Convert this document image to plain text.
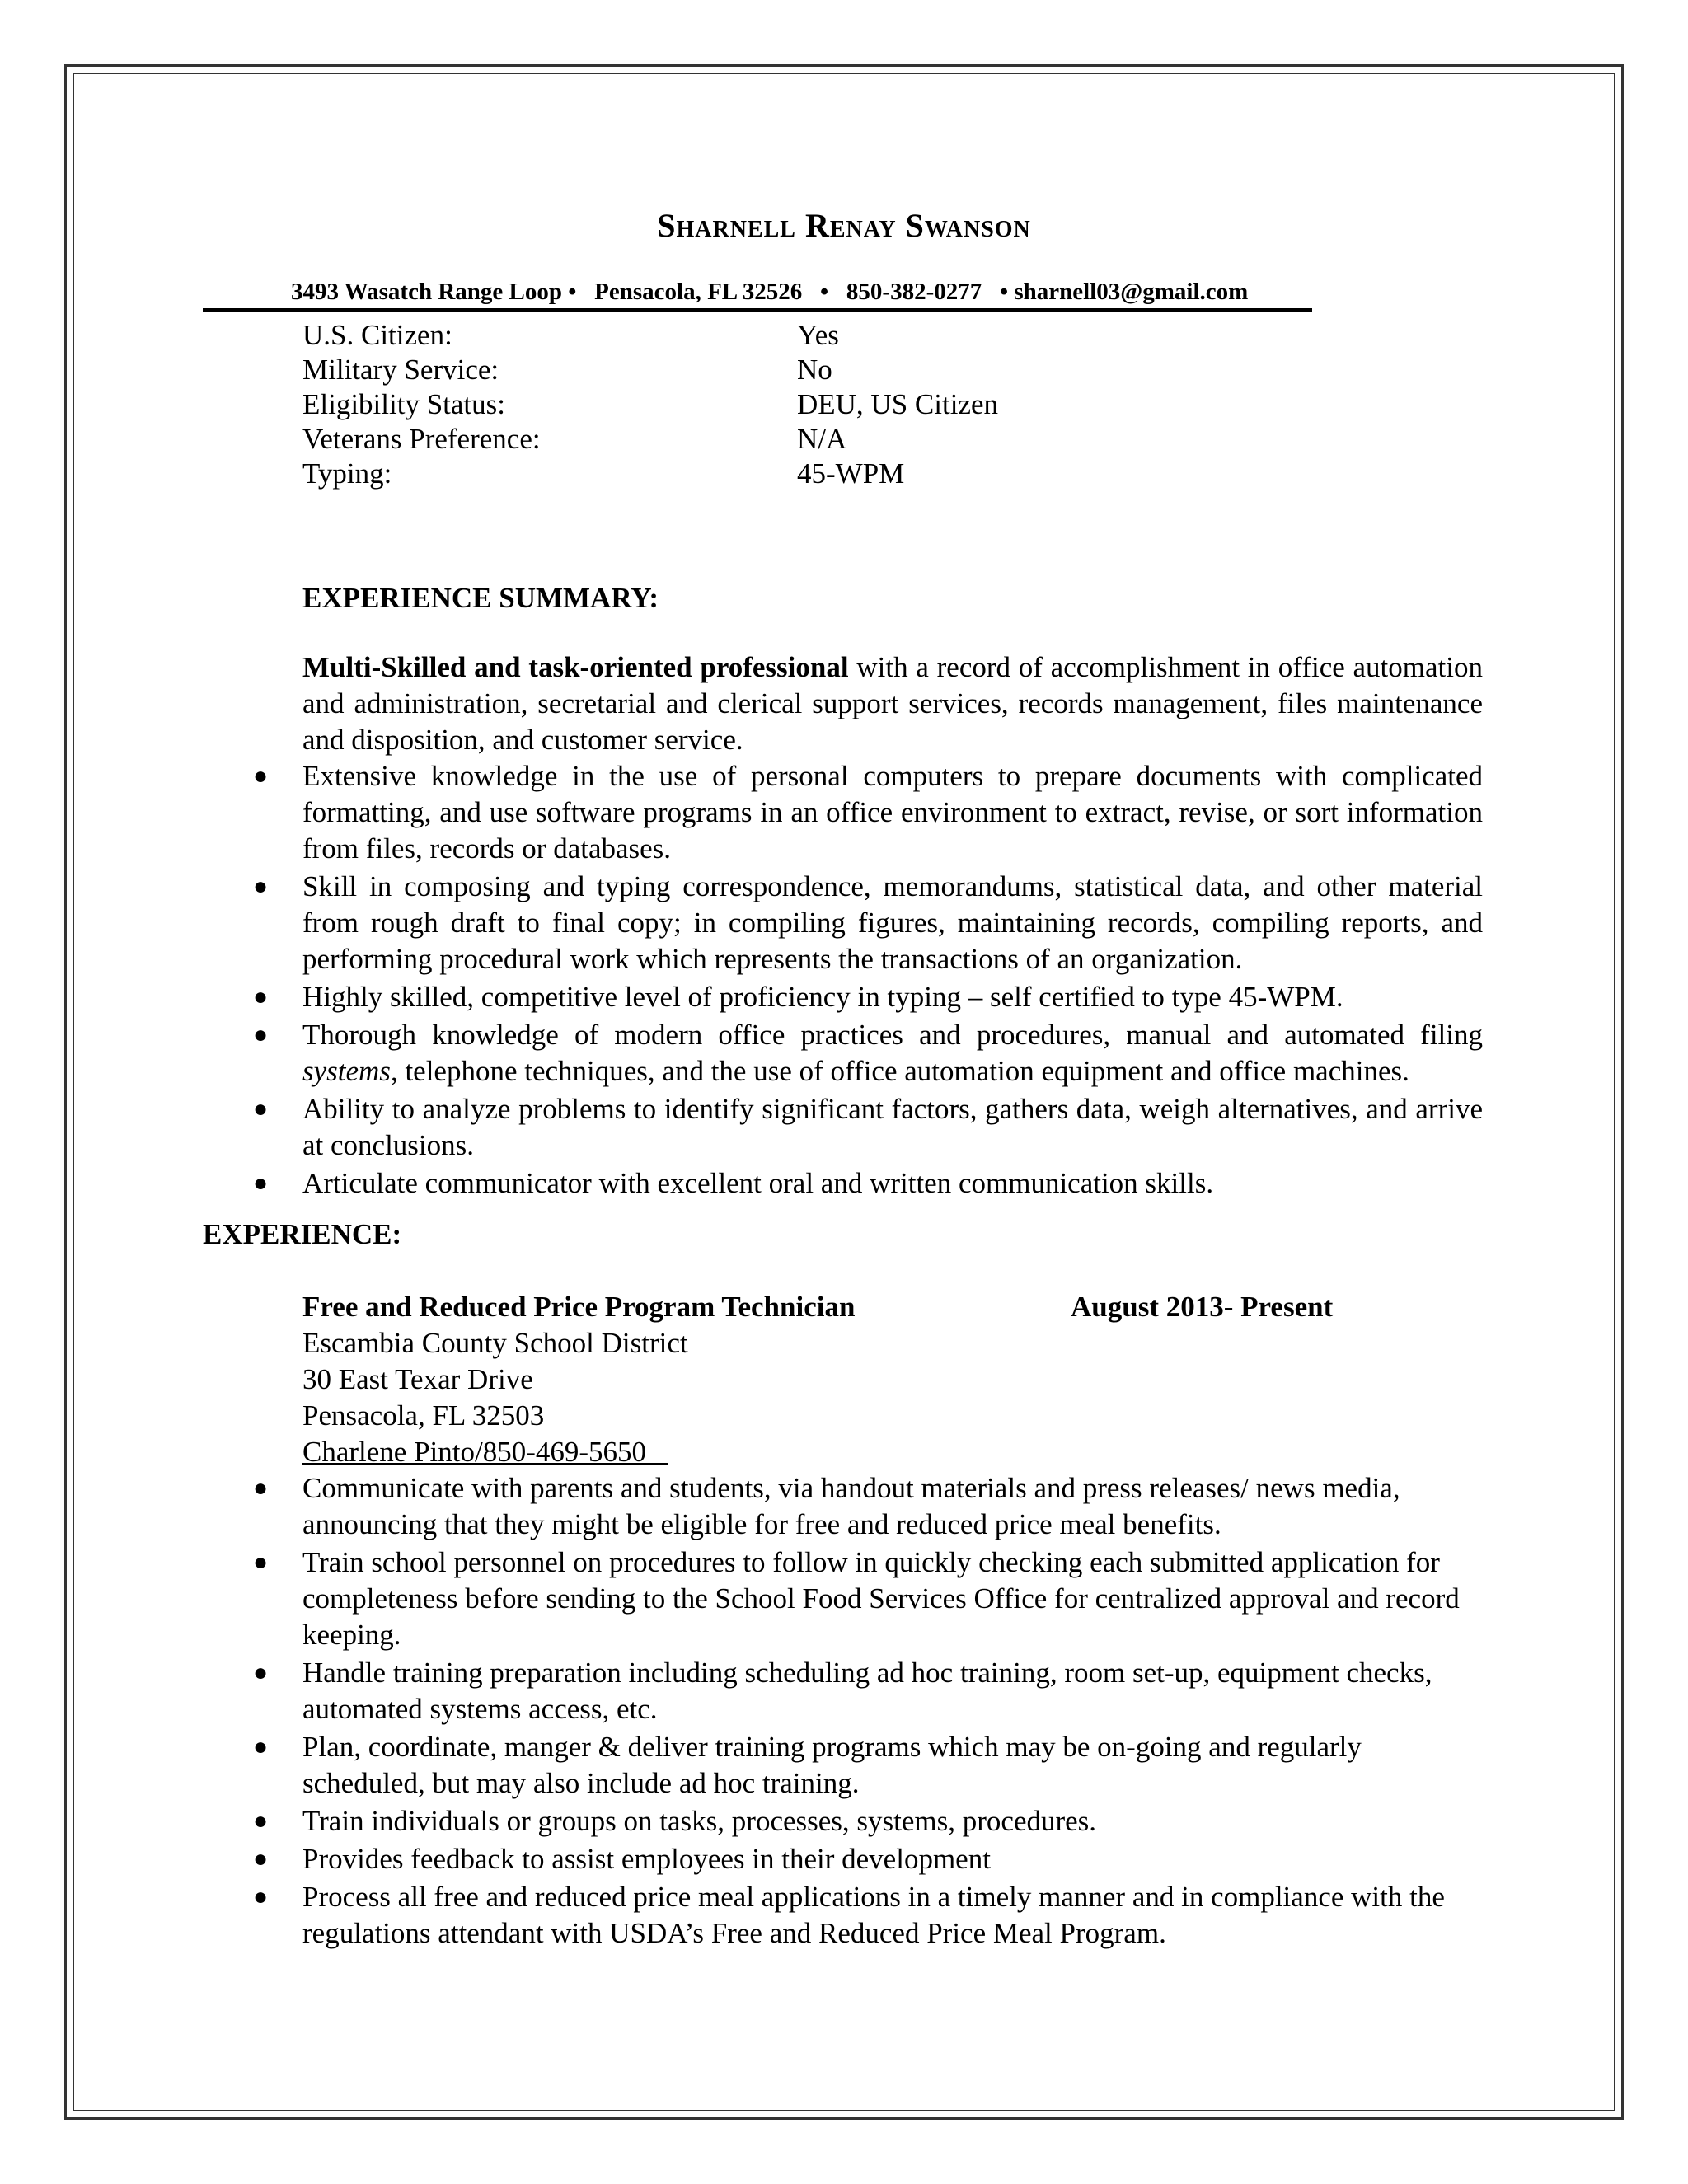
Sharnell Renay Swanson
3493 Wasatch Range Loop •   Pensacola, FL 32526   •   850-382-0277   • sharnell03@gmail.com
U.S. Citizen:	Yes
Military Service:	No
Eligibility Status:	DEU, US Citizen
Veterans Preference:	N/A
Typing:	45-WPM
EXPERIENCE SUMMARY:

Multi-Skilled and task-oriented professional with a record of accomplishment in office automation and administration, secretarial and clerical support services, records management, files maintenance and disposition, and customer service.

● Extensive knowledge in the use of personal computers to prepare documents with complicated formatting, and use software programs in an office environment to extract, revise, or sort information from files, records or databases.
● Skill in composing and typing correspondence, memorandums, statistical data, and other material from rough draft to final copy; in compiling figures, maintaining records, compiling reports, and performing procedural work which represents the transactions of an organization.
● Highly skilled, competitive level of proficiency in typing – self certified to type 45-WPM.
● Thorough knowledge of modern office practices and procedures, manual and automated filing systems, telephone techniques, and the use of office automation equipment and office machines.
● Ability to analyze problems to identify significant factors, gathers data, weigh alternatives, and arrive at conclusions.
● Articulate communicator with excellent oral and written communication skills.
EXPERIENCE:
Free and Reduced Price Program Technician	August 2013- Present
Escambia County School District
30 East Texar Drive
Pensacola, FL 32503
Charlene Pinto/850-469-5650
● Communicate with parents and students, via handout materials and press releases/ news media, announcing that they might be eligible for free and reduced price meal benefits.
● Train school personnel on procedures to follow in quickly checking each submitted application for completeness before sending to the School Food Services Office for centralized approval and record keeping.
● Handle training preparation including scheduling ad hoc training, room set-up, equipment checks, automated systems access, etc.
● Plan, coordinate, manger & deliver training programs which may be on-going and regularly scheduled, but may also include ad hoc training.
● Train individuals or groups on tasks, processes, systems, procedures.
● Provides feedback to assist employees in their development
● Process all free and reduced price meal applications in a timely manner and in compliance with the regulations attendant with USDA’s Free and Reduced Price Meal Program.
